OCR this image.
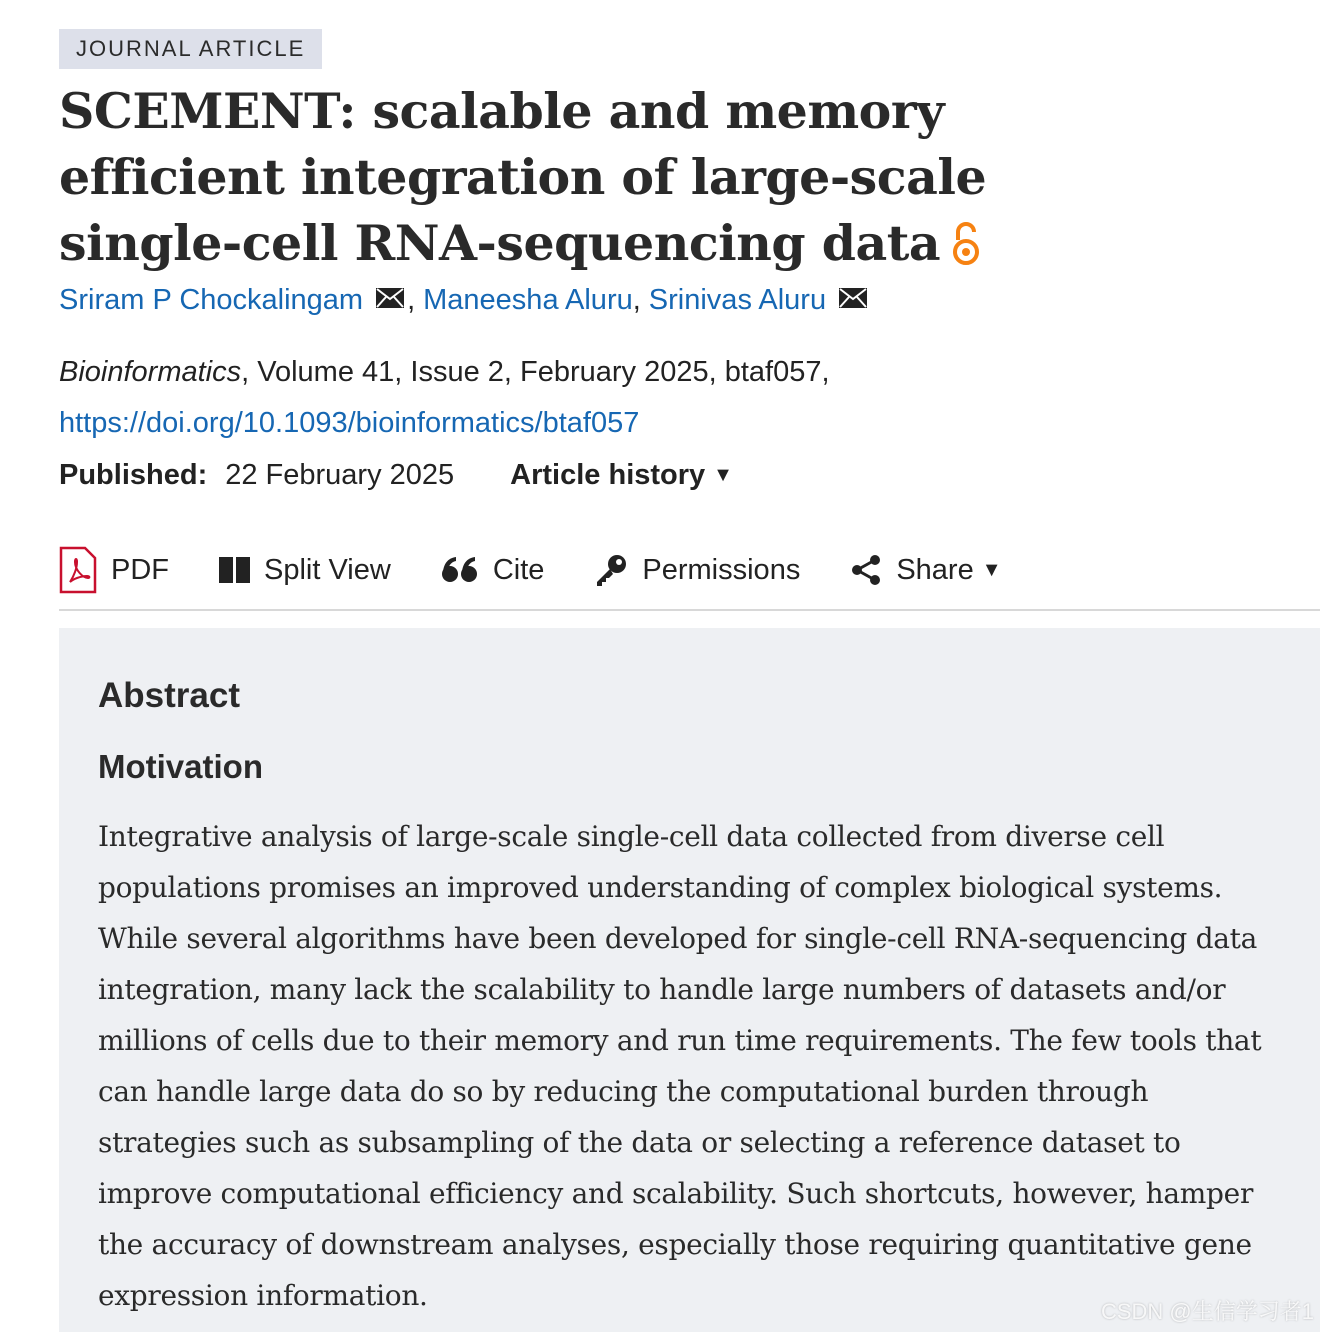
JOURNAL ARTICLE
SCEMENT: scalable and memory efficient integration of large-scale single-cell RNA-sequencing data
Sriram P Chockalingam , Maneesha Aluru , Srinivas Aluru
Bioinformatics, Volume 41, Issue 2, February 2025, btaf057,
https://doi.org/10.1093/bioinformatics/btaf057
Published: 22 February 2025 Article history ▼
PDF	Split View	Cite	Permissions	Share ▼
Abstract
Motivation

Integrative analysis of large-scale single-cell data collected from diverse cell populations promises an improved understanding of complex biological systems. While several algorithms have been developed for single-cell RNA-sequencing data integration, many lack the scalability to handle large numbers of datasets and/or millions of cells due to their memory and run time requirements. The few tools that can handle large data do so by reducing the computational burden through strategies such as subsampling of the data or selecting a reference dataset to improve computational efficiency and scalability. Such shortcuts, however, hamper the accuracy of downstream analyses, especially those requiring quantitative gene expression information.	CSDN @生信学习者1
